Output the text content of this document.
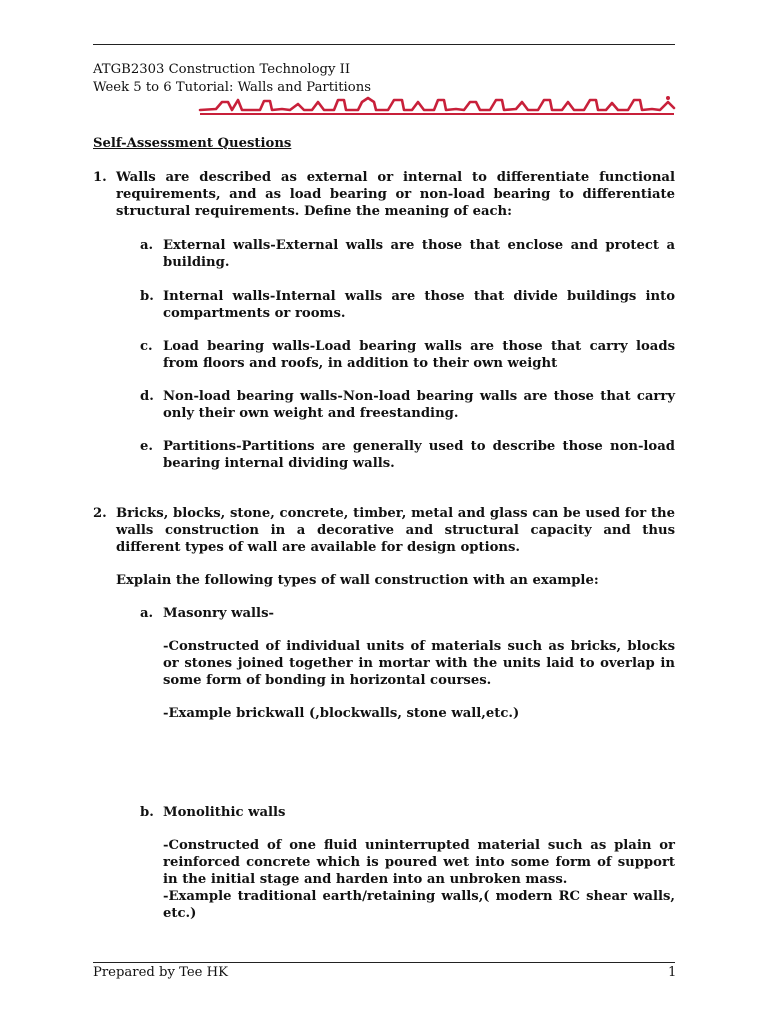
ATGB2303 Construction Technology II
Week 5 to 6 Tutorial: Walls and Partitions
Self-Assessment Questions
1. Walls are described as external or internal to differentiate functional requirements, and as load bearing or non-load bearing to differentiate structural requirements. Define the meaning of each:
a. External walls-External walls are those that enclose and protect a building.
b. Internal walls-Internal walls are those that divide buildings into compartments or rooms.
c. Load bearing walls-Load bearing walls are those that carry loads from floors and roofs, in addition to their own weight
d. Non-load bearing walls-Non-load bearing walls are those that carry only their own weight and freestanding.
e. Partitions-Partitions are generally used to describe those non-load bearing internal dividing walls.
2. Bricks, blocks, stone, concrete, timber, metal and glass can be used for the walls construction in a decorative and structural capacity and thus different types of wall are available for design options.
Explain the following types of wall construction with an example:
a. Masonry walls-
-Constructed of individual units of materials such as bricks, blocks or stones joined together in mortar with the units laid to overlap in some form of bonding in horizontal courses.
-Example brickwall (,blockwalls, stone wall,etc.)
b. Monolithic walls
-Constructed of one fluid uninterrupted material such as plain or reinforced concrete which is poured wet into some form of support in the initial stage and harden into an unbroken mass.
-Example traditional earth/retaining walls,( modern RC shear walls, etc.)
Prepared by Tee HK	1
